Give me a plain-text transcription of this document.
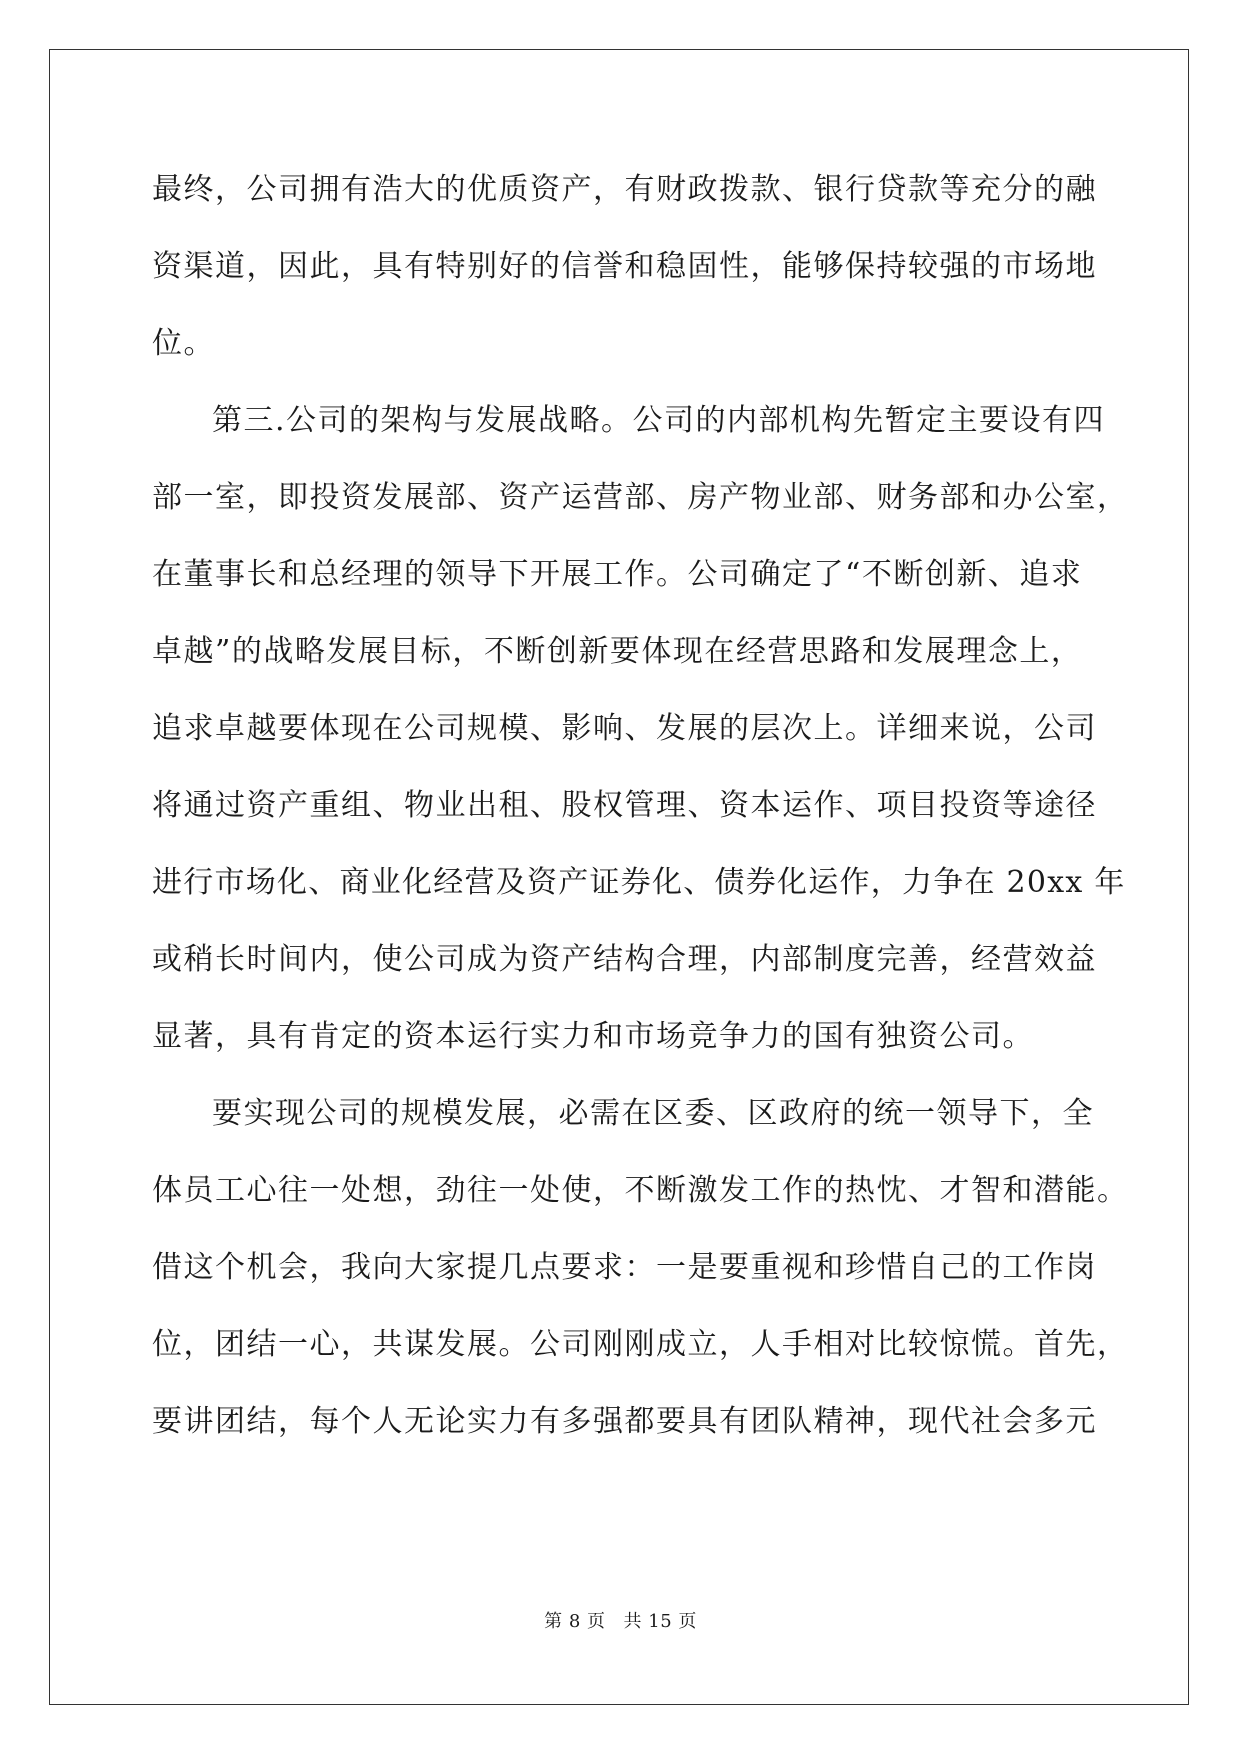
最终，公司拥有浩大的优质资产，有财政拨款、银行贷款等充分的融

资渠道，因此，具有特别好的信誉和稳固性，能够保持较强的市场地

位。

第三.公司的架构与发展战略。公司的内部机构先暂定主要设有四

部一室，即投资发展部、资产运营部、房产物业部、财务部和办公室，

在董事长和总经理的领导下开展工作。公司确定了“不断创新、追求

卓越”的战略发展目标，不断创新要体现在经营思路和发展理念上，

追求卓越要体现在公司规模、影响、发展的层次上。详细来说，公司

将通过资产重组、物业出租、股权管理、资本运作、项目投资等途径

进行市场化、商业化经营及资产证券化、债券化运作，力争在 20xx 年

或稍长时间内，使公司成为资产结构合理，内部制度完善，经营效益

显著，具有肯定的资本运行实力和市场竞争力的国有独资公司。

要实现公司的规模发展，必需在区委、区政府的统一领导下，全

体员工心往一处想，劲往一处使，不断激发工作的热忱、才智和潜能。

借这个机会，我向大家提几点要求：一是要重视和珍惜自己的工作岗

位，团结一心，共谋发展。公司刚刚成立，人手相对比较惊慌。首先，

要讲团结，每个人无论实力有多强都要具有团队精神，现代社会多元

第 8 页 共 15 页
